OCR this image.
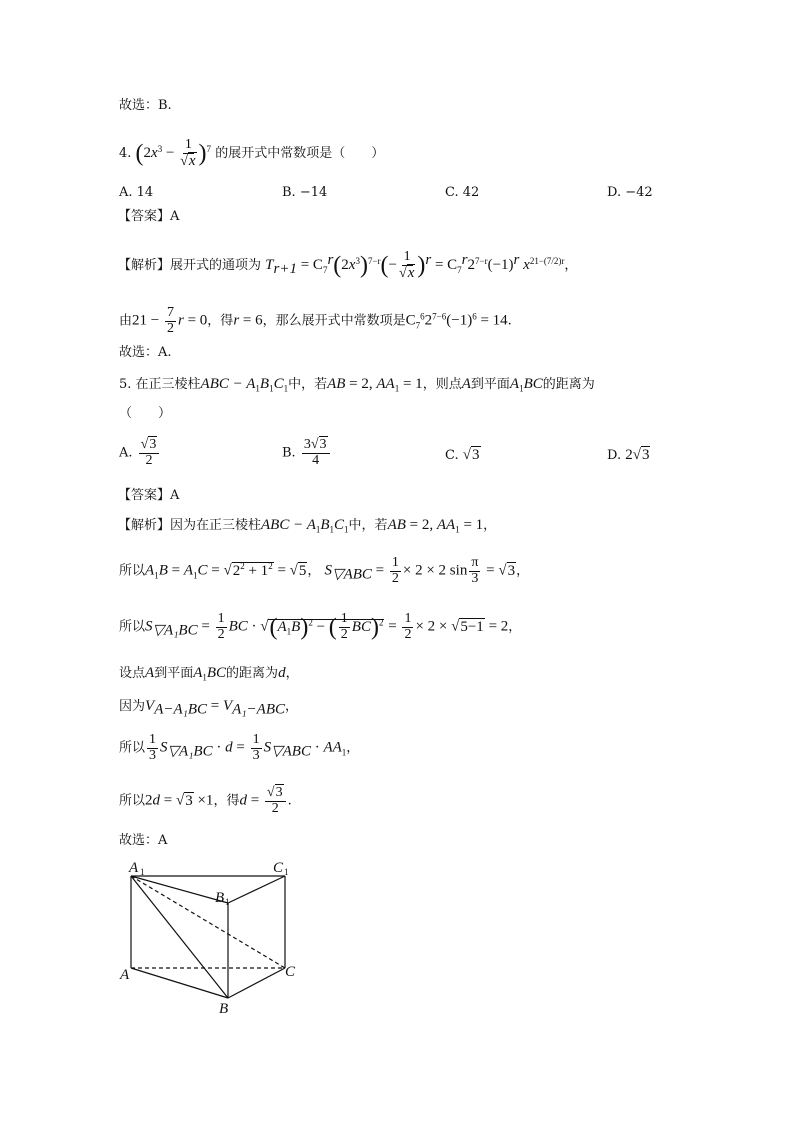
故选：B.
4. $(2x^3 - \frac{1}{√x} )^7$ 的展开式中常数项是（　　）
A. 14	B. −14	C. 42	D. −42
【答案】A
【解析】展开式的通项为 $T_{r+1} = C_7^r(2x^3)^{7-r}(- \frac{1}{√x} )^r = C_7^r2^{7-r}(-1)^r$ $x^{21-(7/2)r}$，
由$21 - \frac{7}{2}$ r = 0，得r = 6，那么展开式中常数项是$C_7^62^{7-6}(-1)^6 = 14$.
故选：A.
5. 在正三棱柱ABC − $A_1B_1C_1$中，若AB = 2, $AA_1 = 1$，则点A到平面$A_1BC$的距离为
（　　）
A. $\frac{√3}{2}$	B. $\frac{3√3}{4}$	C. √3	D. 2√3
【答案】A
【解析】因为在正三棱柱ABC − $A_1B_1C_1$中，若AB = 2, $AA_1 = 1$，
所以$A_1B = A_1C = √2^2 + 1^2 = √5$， $S_{▽ABC} = \frac{1}{2} \times 2 \times 2$ $\sin \frac{\pi}{3} = √3$，
所以$S_{▽A_1BC} = \frac{1}{2}$ BC · $√(A_1B)^2$ − ( $\frac{1}{2} BC)^2 = \frac{1}{2} \times 2 \times √5-1 = 2$，
设点A到平面$A_1BC$的距离为d，
因为$V_{A-A_1BC} = V_{A_1-ABC}$，
所以 $\frac{1}{3} S_{▽A_1BC} \cdot d = \frac{1}{3} S_{▽ABC} \cdot AA_1$，
所以2d = √3 ×1，得$d = \frac{√3}{2}$ .
故选：A
A 1	C 1
B 1
A	C
B
